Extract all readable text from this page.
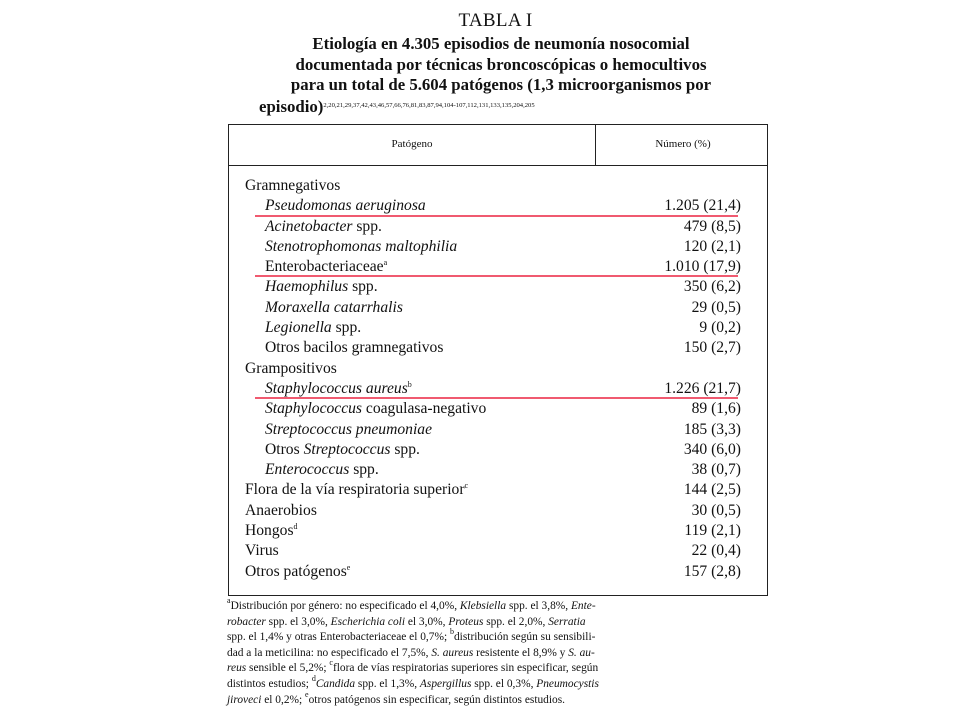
TABLA I
Etiología en 4.305 episodios de neumonía nosocomial
documentada por técnicas broncoscópicas o hemocultivos
para un total de 5.604 patógenos (1,3 microorganismos por
episodio)$^{2,20,21,29,37,42,43,46,57,66,76,81,83,87,94,104-107,112,131,133,135,204,205}$
Patógeno	Número (%)
Gramnegativos
Pseudomonas aeruginosa	1.205 (21,4)
Acinetobacter spp.	479 (8,5)
Stenotrophomonas maltophilia	120 (2,1)
Enterobacteriaceae$^a$	1.010 (17,9)
Haemophilus spp.	350 (6,2)
Moraxella catarrhalis	29 (0,5)
Legionella spp.	9 (0,2)
Otros bacilos gramnegativos	150 (2,7)
Grampositivos
Staphylococcus aureus$^b$	1.226 (21,7)
Staphylococcus coagulasa-negativo	89 (1,6)
Streptococcus pneumoniae	185 (3,3)
Otros Streptococcus spp.	340 (6,0)
Enterococcus spp.	38 (0,7)
Flora de la vía respiratoria superior$^c$	144 (2,5)
Anaerobios	30 (0,5)
Hongos$^d$	119 (2,1)
Virus	22 (0,4)
Otros patógenos$^e$	157 (2,8)
$^a$Distribución por género: no especificado el 4,0%, Klebsiella spp. el 3,8%, Ente-
robacter spp. el 3,0%, Escherichia coli el 3,0%, Proteus spp. el 2,0%, Serratia
spp. el 1,4% y otras Enterobacteriaceae el 0,7%; $^b$distribución según su sensibili-
dad a la meticilina: no especificado el 7,5%, S. aureus resistente el 8,9% y S. au-
reus sensible el 5,2%; $^c$flora de vías respiratorias superiores sin especificar, según
distintos estudios; $^d$Candida spp. el 1,3%, Aspergillus spp. el 0,3%, Pneumocystis
jiroveci el 0,2%; $^e$otros patógenos sin especificar, según distintos estudios.
